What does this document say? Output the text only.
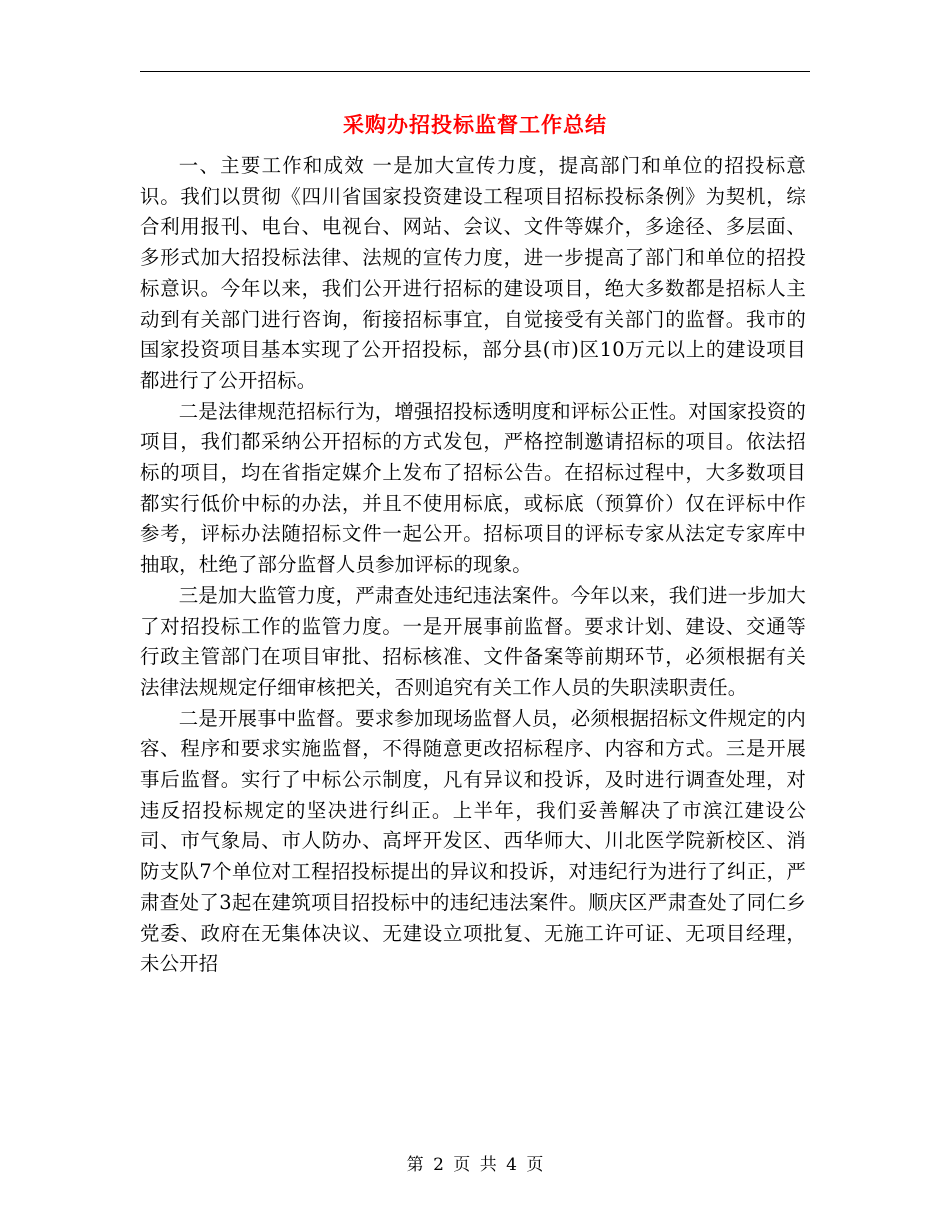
采购办招投标监督工作总结

一、主要工作和成效 一是加大宣传力度，提高部门和单位的招投标意识。我们以贯彻《四川省国家投资建设工程项目招标投标条例》为契机，综合利用报刊、电台、电视台、网站、会议、文件等媒介，多途径、多层面、多形式加大招投标法律、法规的宣传力度，进一步提高了部门和单位的招投标意识。今年以来，我们公开进行招标的建设项目，绝大多数都是招标人主动到有关部门进行咨询，衔接招标事宜，自觉接受有关部门的监督。我市的国家投资项目基本实现了公开招投标，部分县(市)区10万元以上的建设项目都进行了公开招标。

二是法律规范招标行为，增强招投标透明度和评标公正性。对国家投资的项目，我们都采纳公开招标的方式发包，严格控制邀请招标的项目。依法招标的项目，均在省指定媒介上发布了招标公告。在招标过程中，大多数项目都实行低价中标的办法，并且不使用标底，或标底（预算价）仅在评标中作参考，评标办法随招标文件一起公开。招标项目的评标专家从法定专家库中抽取，杜绝了部分监督人员参加评标的现象。

三是加大监管力度，严肃查处违纪违法案件。今年以来，我们进一步加大了对招投标工作的监管力度。一是开展事前监督。要求计划、建设、交通等行政主管部门在项目审批、招标核准、文件备案等前期环节，必须根据有关法律法规规定仔细审核把关，否则追究有关工作人员的失职渎职责任。

二是开展事中监督。要求参加现场监督人员，必须根据招标文件规定的内容、程序和要求实施监督，不得随意更改招标程序、内容和方式。三是开展事后监督。实行了中标公示制度，凡有异议和投诉，及时进行调查处理，对违反招投标规定的坚决进行纠正。上半年，我们妥善解决了市滨江建设公司、市气象局、市人防办、高坪开发区、西华师大、川北医学院新校区、消防支队7个单位对工程招投标提出的异议和投诉，对违纪行为进行了纠正，严肃查处了3起在建筑项目招投标中的违纪违法案件。顺庆区严肃查处了同仁乡党委、政府在无集体决议、无建设立项批复、无施工许可证、无项目经理，未公开招

第 2 页 共 4 页
